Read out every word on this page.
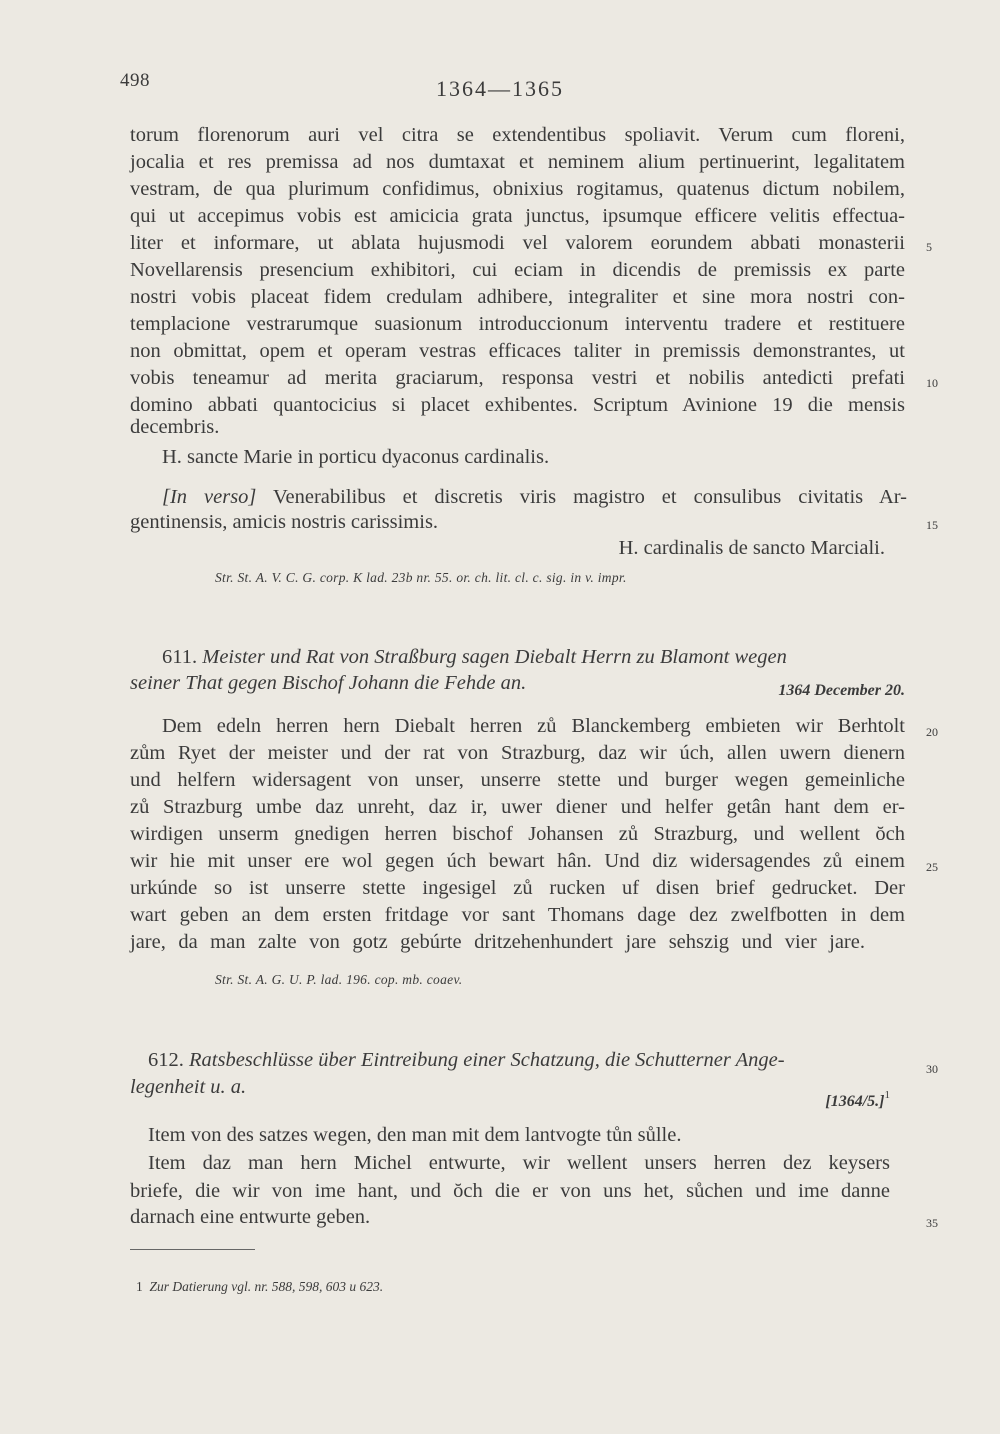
498	1364—1365
torum florenorum auri vel citra se extendentibus spoliavit. Verum cum floreni,
jocalia et res premissa ad nos dumtaxat et neminem alium pertinuerint, legalitatem
vestram, de qua plurimum confidimus, obnixius rogitamus, quatenus dictum nobilem,
qui ut accepimus vobis est amicicia grata junctus, ipsumque efficere velitis effectua-
liter et informare, ut ablata hujusmodi vel valorem eorundem abbati monasterii
Novellarensis presencium exhibitori, cui eciam in dicendis de premissis ex parte
nostri vobis placeat fidem credulam adhibere, integraliter et sine mora nostri con-
templacione vestrarumque suasionum introduccionum interventu tradere et restituere
non obmittat, opem et operam vestras efficaces taliter in premissis demonstrantes, ut
vobis teneamur ad merita graciarum, responsa vestri et nobilis antedicti prefati
domino abbati quantocicius si placet exhibentes. Scriptum Avinione 19 die mensis
decembris.
H. sancte Marie in porticu dyaconus cardinalis.
[In verso] Venerabilibus et discretis viris magistro et consulibus civitatis Ar-
gentinensis, amicis nostris carissimis.
H. cardinalis de sancto Marciali.
Str. St. A. V. C. G. corp. K lad. 23b nr. 55. or. ch. lit. cl. c. sig. in v. impr.
611. Meister und Rat von Straßburg sagen Diebalt Herrn zu Blamont wegen
seiner That gegen Bischof Johann die Fehde an.	1364 December 20.
Dem edeln herren hern Diebalt herren zů Blanckemberg embieten wir Berhtolt
zům Ryet der meister und der rat von Strazburg, daz wir úch, allen uwern dienern
und helfern widersagent von unser, unserre stette und burger wegen gemeinliche
zů Strazburg umbe daz unreht, daz ir, uwer diener und helfer getân hant dem er-
wirdigen unserm gnedigen herren bischof Johansen zů Strazburg, und wellent ŏch
wir hie mit unser ere wol gegen úch bewart hân. Und diz widersagendes zů einem
urkúnde so ist unserre stette ingesigel zů rucken uf disen brief gedrucket. Der
wart geben an dem ersten fritdage vor sant Thomans dage dez zwelfbotten in dem
jare, da man zalte von gotz gebúrte dritzehenhundert jare sehszig und vier jare.
Str. St. A. G. U. P. lad. 196. cop. mb. coaev.
612. Ratsbeschlüsse über Eintreibung einer Schatzung, die Schutterner Ange-
legenheit u. a.
$[1364/5.]^1$
Item von des satzes wegen, den man mit dem lantvogte tůn sůlle.
Item daz man hern Michel entwurte, wir wellent unsers herren dez keysers
briefe, die wir von ime hant, und ŏch die er von uns het, sůchen und ime danne
darnach eine entwurte geben.
5
10
15
20
25
30
35
1 Zur Datierung vgl. nr. 588, 598, 603 u 623.
